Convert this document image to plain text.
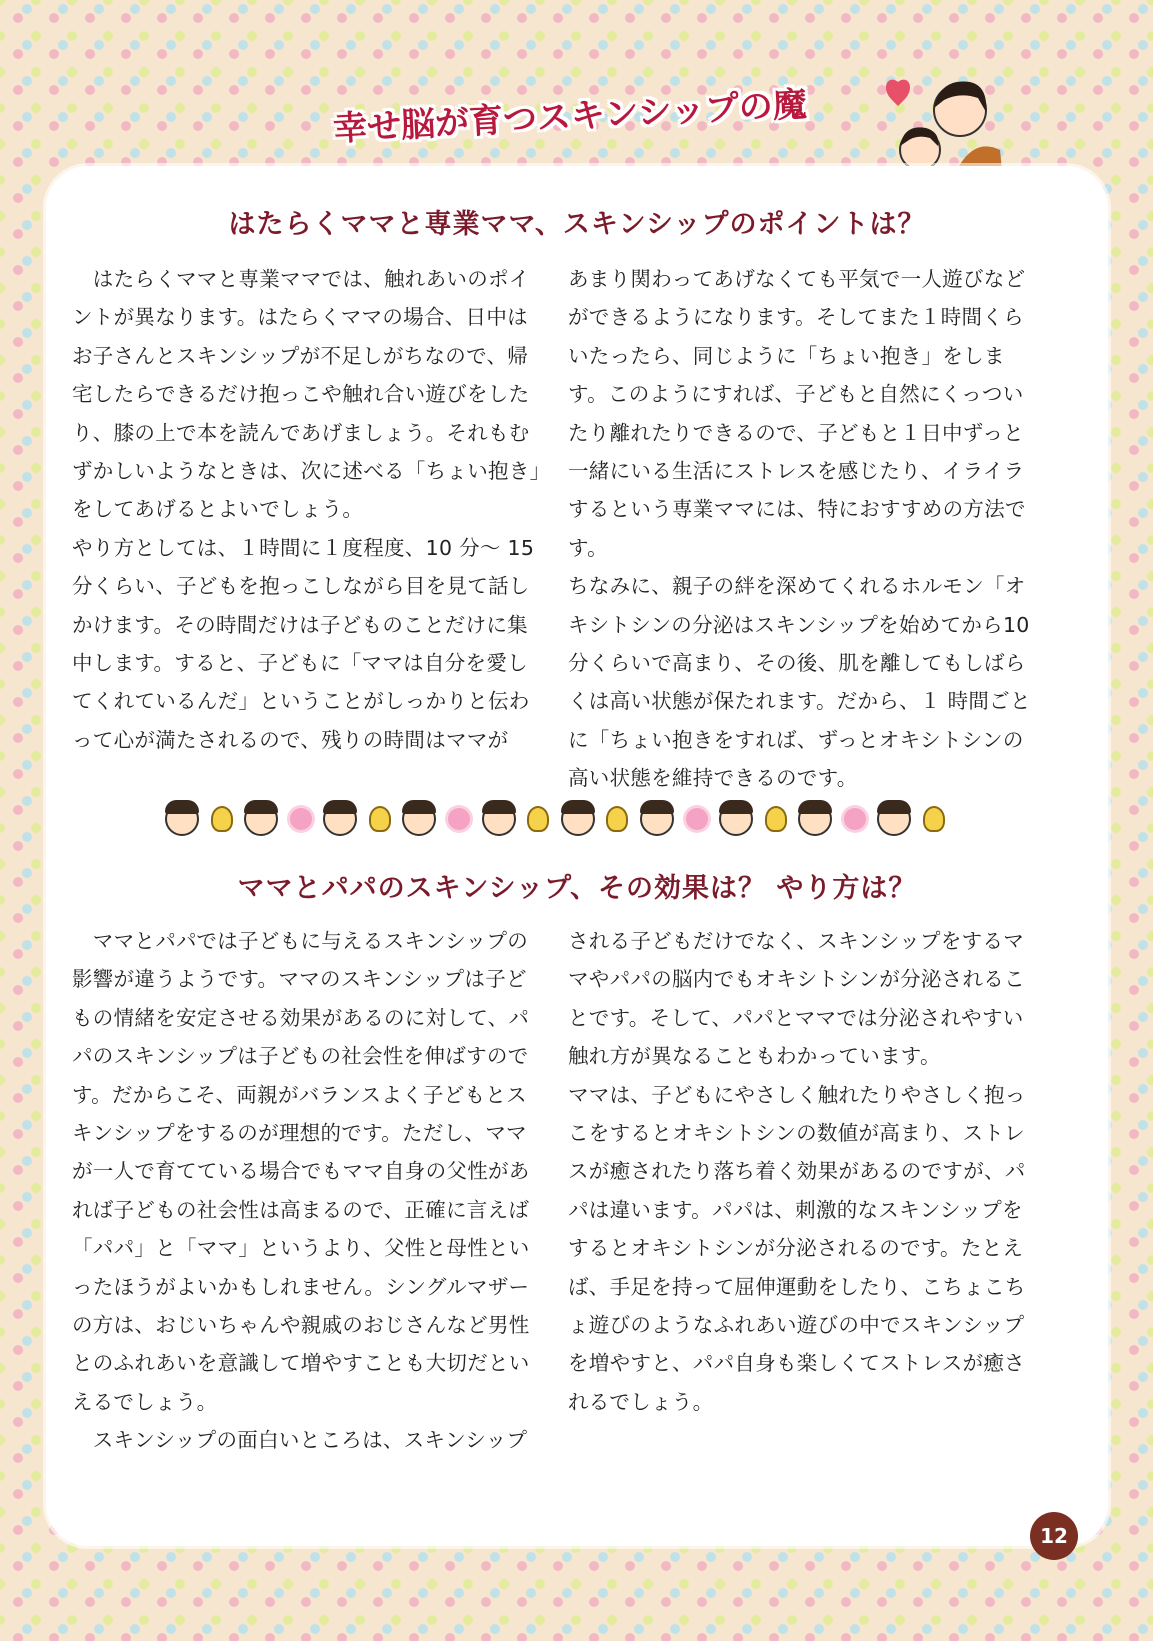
幸せ脳が育つスキンシップの魔法
はたらくママと専業ママ、スキンシップのポイントは？
　はたらくママと専業ママでは、触れあいのポイントが異なります。はたらくママの場合、日中はお子さんとスキンシップが不足しがちなので、帰宅したらできるだけ抱っこや触れ合い遊びをしたり、膝の上で本を読んであげましょう。それもむずかしいようなときは、次に述べる「ちょい抱き」をしてあげるとよいでしょう。
やり方としては、１時間に１度程度、10 分～ 15分くらい、子どもを抱っこしながら目を見て話しかけます。その時間だけは子どものことだけに集中します。すると、子どもに「ママは自分を愛してくれているんだ」ということがしっかりと伝わって心が満たされるので、残りの時間はママが
あまり関わってあげなくても平気で一人遊びなどができるようになります。そしてまた１時間くらいたったら、同じように「ちょい抱き」をします。このようにすれば、子どもと自然にくっついたり離れたりできるので、子どもと１日中ずっと一緒にいる生活にストレスを感じたり、イライラするという専業ママには、特におすすめの方法です。
ちなみに、親子の絆を深めてくれるホルモン「オキシトシンの分泌はスキンシップを始めてから10 分くらいで高まり、その後、肌を離してもしばらくは高い状態が保たれます。だから、１ 時間ごとに「ちょい抱きをすれば、ずっとオキシトシンの高い状態を維持できるのです。
ママとパパのスキンシップ、その効果は？ やり方は？
　ママとパパでは子どもに与えるスキンシップの影響が違うようです。ママのスキンシップは子どもの情緒を安定させる効果があるのに対して、パパのスキンシップは子どもの社会性を伸ばすのです。だからこそ、両親がバランスよく子どもとスキンシップをするのが理想的です。ただし、ママが一人で育てている場合でもママ自身の父性があれば子どもの社会性は高まるので、正確に言えば「パパ」と「ママ」というより、父性と母性といったほうがよいかもしれません。シングルマザーの方は、おじいちゃんや親戚のおじさんなど男性とのふれあいを意識して増やすことも大切だといえるでしょう。
　スキンシップの面白いところは、スキンシップ
される子どもだけでなく、スキンシップをするママやパパの脳内でもオキシトシンが分泌されることです。そして、パパとママでは分泌されやすい触れ方が異なることもわかっています。
ママは、子どもにやさしく触れたりやさしく抱っこをするとオキシトシンの数値が高まり、ストレスが癒されたり落ち着く効果があるのですが、パパは違います。パパは、刺激的なスキンシップをするとオキシトシンが分泌されるのです。たとえば、手足を持って屈伸運動をしたり、こちょこちょ遊びのようなふれあい遊びの中でスキンシップを増やすと、パパ自身も楽しくてストレスが癒されるでしょう。
12
